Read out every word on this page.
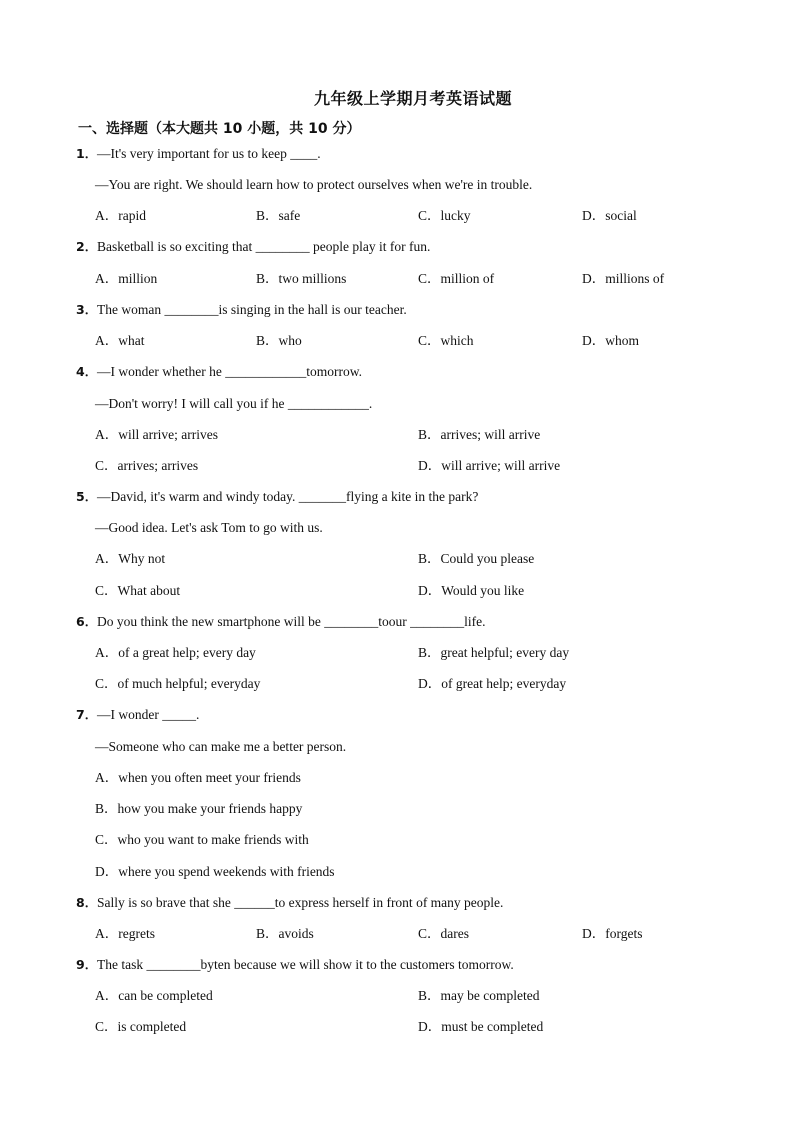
九年级上学期月考英语试题
一、选择题（本大题共 10 小题，共 10 分）
1． —It's very important for us to keep ____.
—You are right. We should learn how to protect ourselves when we're in trouble.
A．rapid	B．safe	C．lucky	D．social
2． Basketball is so exciting that ________ people play it for fun.
A．million	B．two millions	C．million of	D．millions of
3． The woman ________is singing in the hall is our teacher.
A．what	B．who	C．which	D．whom
4． —I wonder whether he ____________tomorrow.
—Don't worry! I will call you if he ____________.
A．will arrive; arrives	B．arrives; will arrive
C．arrives; arrives	D．will arrive; will arrive
5． —David, it's warm and windy today. _______flying a kite in the park?
—Good idea. Let's ask Tom to go with us.
A．Why not	B．Could you please
C．What about	D．Would you like
6． Do you think the new smartphone will be ________toour ________life.
A．of a great help; every day	B．great helpful; every day
C．of much helpful; everyday	D．of great help; everyday
7． —I wonder _____.
—Someone who can make me a better person.
A．when you often meet your friends
B．how you make your friends happy
C．who you want to make friends with
D．where you spend weekends with friends
8． Sally is so brave that she ______to express herself in front of many people.
A．regrets	B．avoids	C．dares	D．forgets
9． The task ________byten because we will show it to the customers tomorrow.
A．can be completed	B．may be completed
C．is completed	D．must be completed
